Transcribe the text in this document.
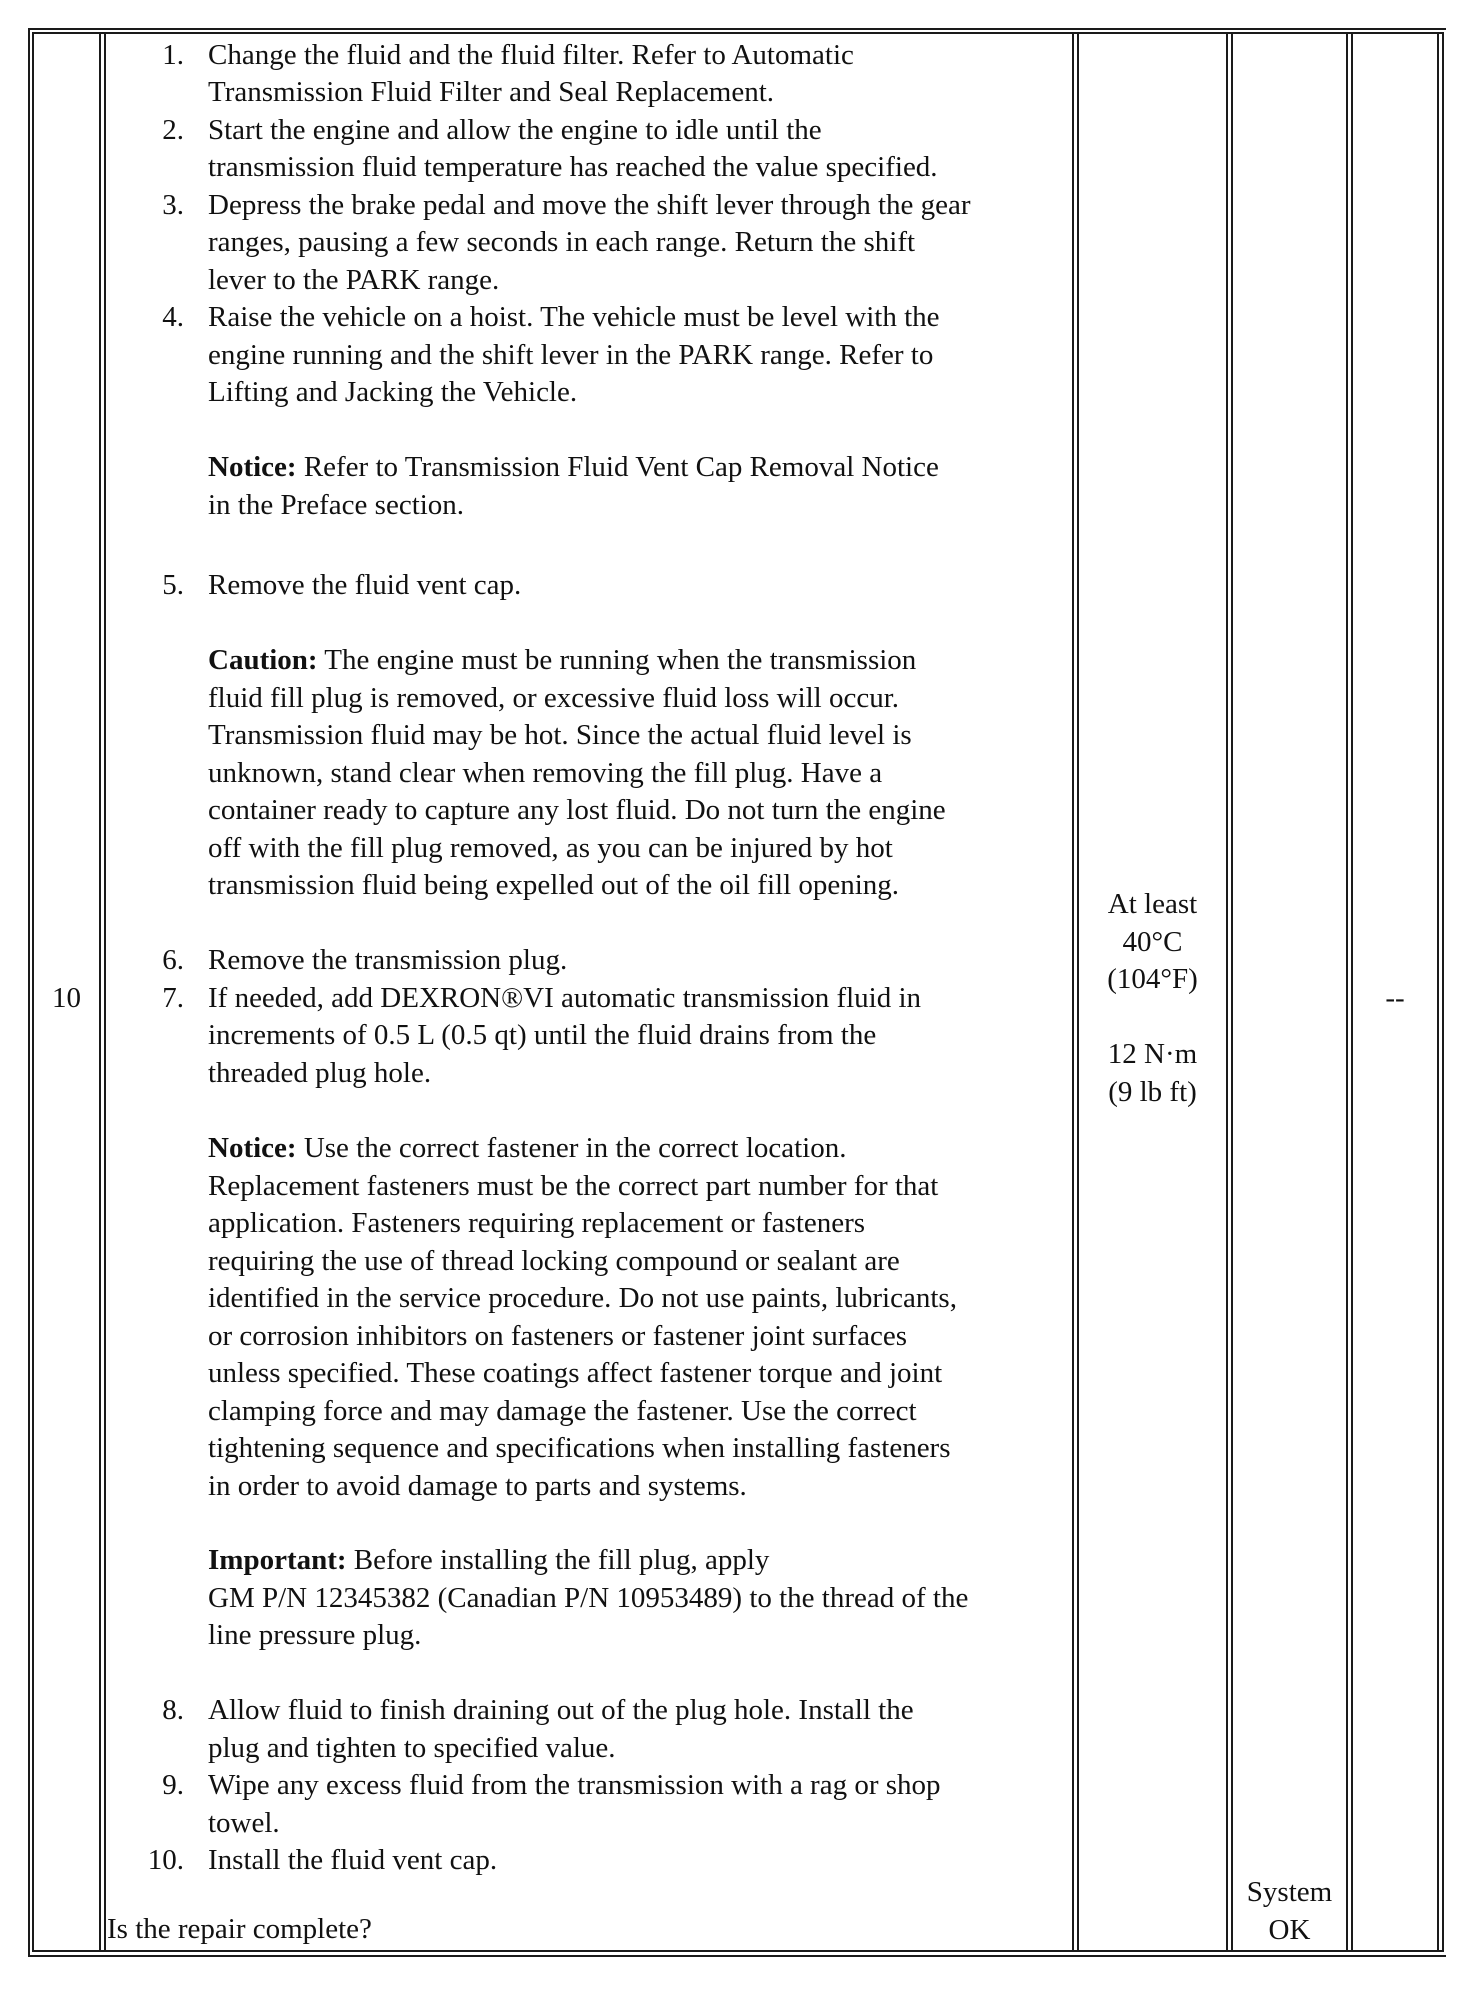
10
1. Change the fluid and the fluid filter. Refer to Automatic
Transmission Fluid Filter and Seal Replacement.
2. Start the engine and allow the engine to idle until the
transmission fluid temperature has reached the value specified.
3. Depress the brake pedal and move the shift lever through the gear
ranges, pausing a few seconds in each range. Return the shift
lever to the PARK range.
4. Raise the vehicle on a hoist. The vehicle must be level with the
engine running and the shift lever in the PARK range. Refer to
Lifting and Jacking the Vehicle.
Notice: Refer to Transmission Fluid Vent Cap Removal Notice
in the Preface section.
5. Remove the fluid vent cap.
Caution: The engine must be running when the transmission
fluid fill plug is removed, or excessive fluid loss will occur.
Transmission fluid may be hot. Since the actual fluid level is
unknown, stand clear when removing the fill plug. Have a
container ready to capture any lost fluid. Do not turn the engine
off with the fill plug removed, as you can be injured by hot
transmission fluid being expelled out of the oil fill opening.
6. Remove the transmission plug.
7. If needed, add DEXRON®VI automatic transmission fluid in
increments of 0.5 L (0.5 qt) until the fluid drains from the
threaded plug hole.
Notice: Use the correct fastener in the correct location.
Replacement fasteners must be the correct part number for that
application. Fasteners requiring replacement or fasteners
requiring the use of thread locking compound or sealant are
identified in the service procedure. Do not use paints, lubricants,
or corrosion inhibitors on fasteners or fastener joint surfaces
unless specified. These coatings affect fastener torque and joint
clamping force and may damage the fastener. Use the correct
tightening sequence and specifications when installing fasteners
in order to avoid damage to parts and systems.
Important: Before installing the fill plug, apply
GM P/N 12345382 (Canadian P/N 10953489) to the thread of the
line pressure plug.
8. Allow fluid to finish draining out of the plug hole. Install the
plug and tighten to specified value.
9. Wipe any excess fluid from the transmission with a rag or shop
towel.
10. Install the fluid vent cap.
Is the repair complete?
At least
40°C
(104°F)
12 N·m
(9 lb ft)
System
OK
--
